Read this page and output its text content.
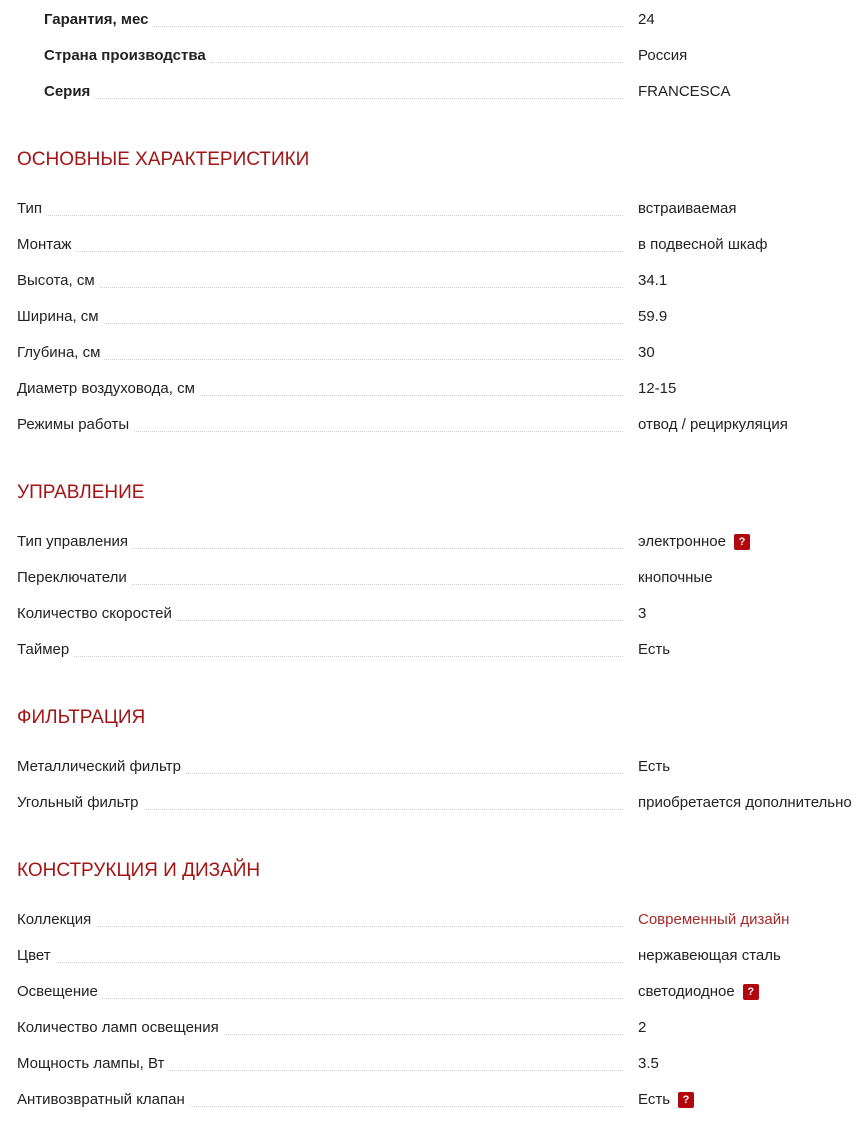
Гарантия, мес	24
Страна производства	Россия
Серия	FRANCESCA
ОСНОВНЫЕ ХАРАКТЕРИСТИКИ
Тип	встраиваемая
Монтаж	в подвесной шкаф
Высота, см	34.1
Ширина, см	59.9
Глубина, см	30
Диаметр воздуховода, см	12-15
Режимы работы	отвод / рециркуляция
УПРАВЛЕНИЕ
Тип управления	электронное ?
Переключатели	кнопочные
Количество скоростей	3
Таймер	Есть
ФИЛЬТРАЦИЯ
Металлический фильтр	Есть
Угольный фильтр	приобретается дополнительно
КОНСТРУКЦИЯ И ДИЗАЙН
Коллекция	Современный дизайн
Цвет	нержавеющая сталь
Освещение	светодиодное ?
Количество ламп освещения	2
Мощность лампы, Вт	3.5
Антивозвратный клапан	Есть ?
